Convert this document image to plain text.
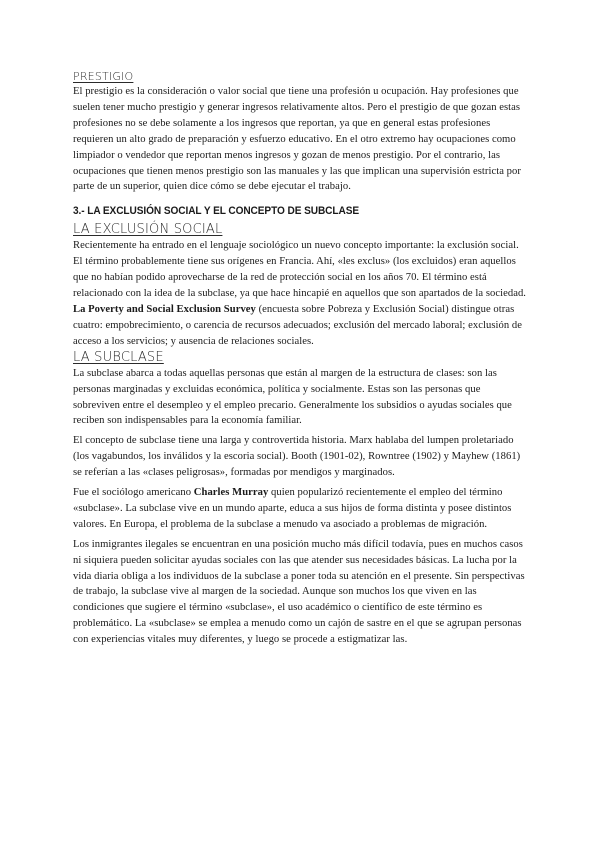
PRESTIGIO

El prestigio es la consideración o valor social que tiene una profesión u ocupación. Hay profesiones que suelen tener mucho prestigio y generar ingresos relativamente altos. Pero el prestigio de que gozan estas profesiones no se debe solamente a los ingresos que reportan, ya que en general estas profesiones requieren un alto grado de preparación y esfuerzo educativo. En el otro extremo hay ocupaciones como limpiador o vendedor que reportan menos ingresos y gozan de menos prestigio. Por el contrario, las ocupaciones que tienen menos prestigio son las manuales y las que implican una supervisión estricta por parte de un superior, quien dice cómo se debe ejecutar el trabajo.

3.- LA EXCLUSIÓN SOCIAL Y EL CONCEPTO DE SUBCLASE
LA EXCLUSIÓN SOCIAL

Recientemente ha entrado en el lenguaje sociológico un nuevo concepto importante: la exclusión social. El término probablemente tiene sus orígenes en Francia. Ahí, «les exclus» (los excluidos) eran aquellos que no habían podido aprovecharse de la red de protección social en los años 70. El término está relacionado con la idea de la subclase, ya que hace hincapié en aquellos que son apartados de la sociedad. La Poverty and Social Exclusion Survey (encuesta sobre Pobreza y Exclusión Social) distingue otras cuatro: empobrecimiento, o carencia de recursos adecuados; exclusión del mercado laboral; exclusión de acceso a los servicios; y ausencia de relaciones sociales.

LA SUBCLASE

La subclase abarca a todas aquellas personas que están al margen de la estructura de clases: son las personas marginadas y excluidas económica, política y socialmente. Estas son las personas que sobreviven entre el desempleo y el empleo precario. Generalmente los subsidios o ayudas sociales que reciben son indispensables para la economía familiar.

El concepto de subclase tiene una larga y controvertida historia. Marx hablaba del lumpen proletariado (los vagabundos, los inválidos y la escoria social). Booth (1901-02), Rowntree (1902) y Mayhew (1861) se referían a las «clases peligrosas», formadas por mendigos y marginados.

Fue el sociólogo americano Charles Murray quien popularizó recientemente el empleo del término «subclase». La subclase vive en un mundo aparte, educa a sus hijos de forma distinta y posee distintos valores. En Europa, el problema de la subclase a menudo va asociado a problemas de migración.

Los inmigrantes ilegales se encuentran en una posición mucho más difícil todavía, pues en muchos casos ni siquiera pueden solicitar ayudas sociales con las que atender sus necesidades básicas. La lucha por la vida diaria obliga a los individuos de la subclase a poner toda su atención en el presente. Sin perspectivas de trabajo, la subclase vive al margen de la sociedad. Aunque son muchos los que viven en las condiciones que sugiere el término «subclase», el uso académico o científico de este término es problemático. La «subclase» se emplea a menudo como un cajón de sastre en el que se agrupan personas con experiencias vitales muy diferentes, y luego se procede a estigmatizar las.
